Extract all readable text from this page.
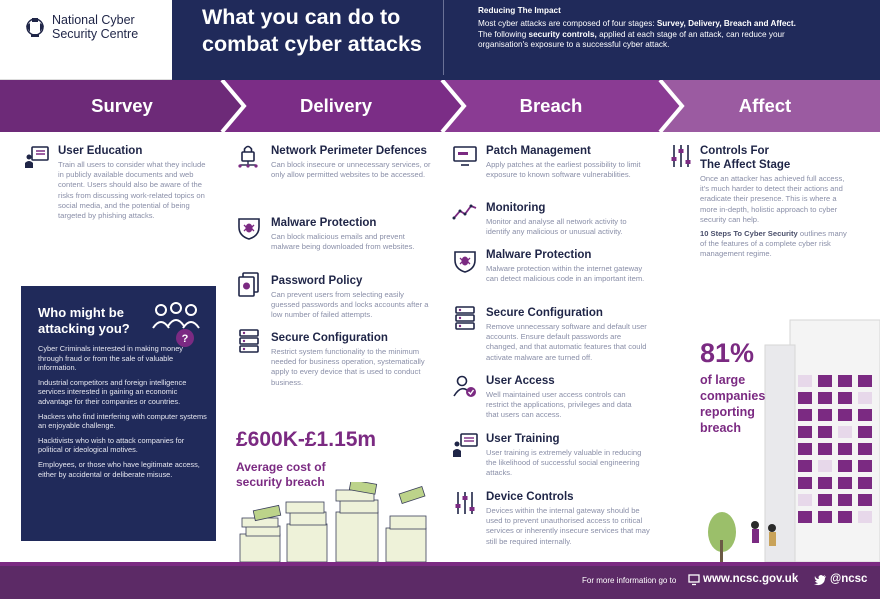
National Cyber
Security Centre
What you can do to
combat cyber attacks
Reducing The Impact
Most cyber attacks are composed of four stages: Survey, Delivery, Breach and Affect. The following security controls, applied at each stage of an attack, can reduce your organisation's exposure to a successful cyber attack.
Survey	Delivery	Breach	Affect
User Education
Train all users to consider what they include in publicly available documents and web content. Users should also be aware of the risks from discussing work-related topics on social media, and the potential of being targeted by phishing attacks.
Who might be attacking you?
?

Cyber Criminals interested in making money through fraud or from the sale of valuable information.

Industrial competitors and foreign intelligence services interested in gaining an economic advantage for their companies or countries.

Hackers who find interfering with computer systems an enjoyable challenge.

Hacktivists who wish to attack companies for political or ideological motives.

Employees, or those who have legitimate access, either by accidental or deliberate misuse.

Network Perimeter Defences
Can block insecure or unnecessary services, or only allow permitted websites to be accessed.
Malware Protection
Can block malicious emails and prevent malware being downloaded from websites.
Password Policy
Can prevent users from selecting easily guessed passwords and locks accounts after a low number of failed attempts.
Secure Configuration
Restrict system functionality to the minimum needed for business operation, systematically apply to every device that is used to conduct business.
£600K-£1.15m
Average cost of
security breach
Patch Management
Apply patches at the earliest possibility to limit exposure to known software vulnerabilities.
Monitoring
Monitor and analyse all network activity to identify any malicious or unusual activity.
Malware Protection
Malware protection within the internet gateway can detect malicious code in an important item.
Secure Configuration
Remove unnecessary software and default user accounts. Ensure default passwords are changed, and that automatic features that could activate malware are turned off.
User Access
Well maintained user access controls can restrict the applications, privileges and data that users can access.
User Training
User training is extremely valuable in reducing the likelihood of successful social engineering attacks.
Device Controls
Devices within the internal gateway should be used to prevent unauthorised access to critical services or inherently insecure services that may still be required internally.
Controls For
The Affect Stage
Once an attacker has achieved full access, it's much harder to detect their actions and eradicate their presence. This is where a more in-depth, holistic approach to cyber security can help.
10 Steps To Cyber Security outlines many of the features of a complete cyber risk management regime.
81%
of large
companies
reporting
breach
For more information go to www.ncsc.gov.uk	@ncsc
